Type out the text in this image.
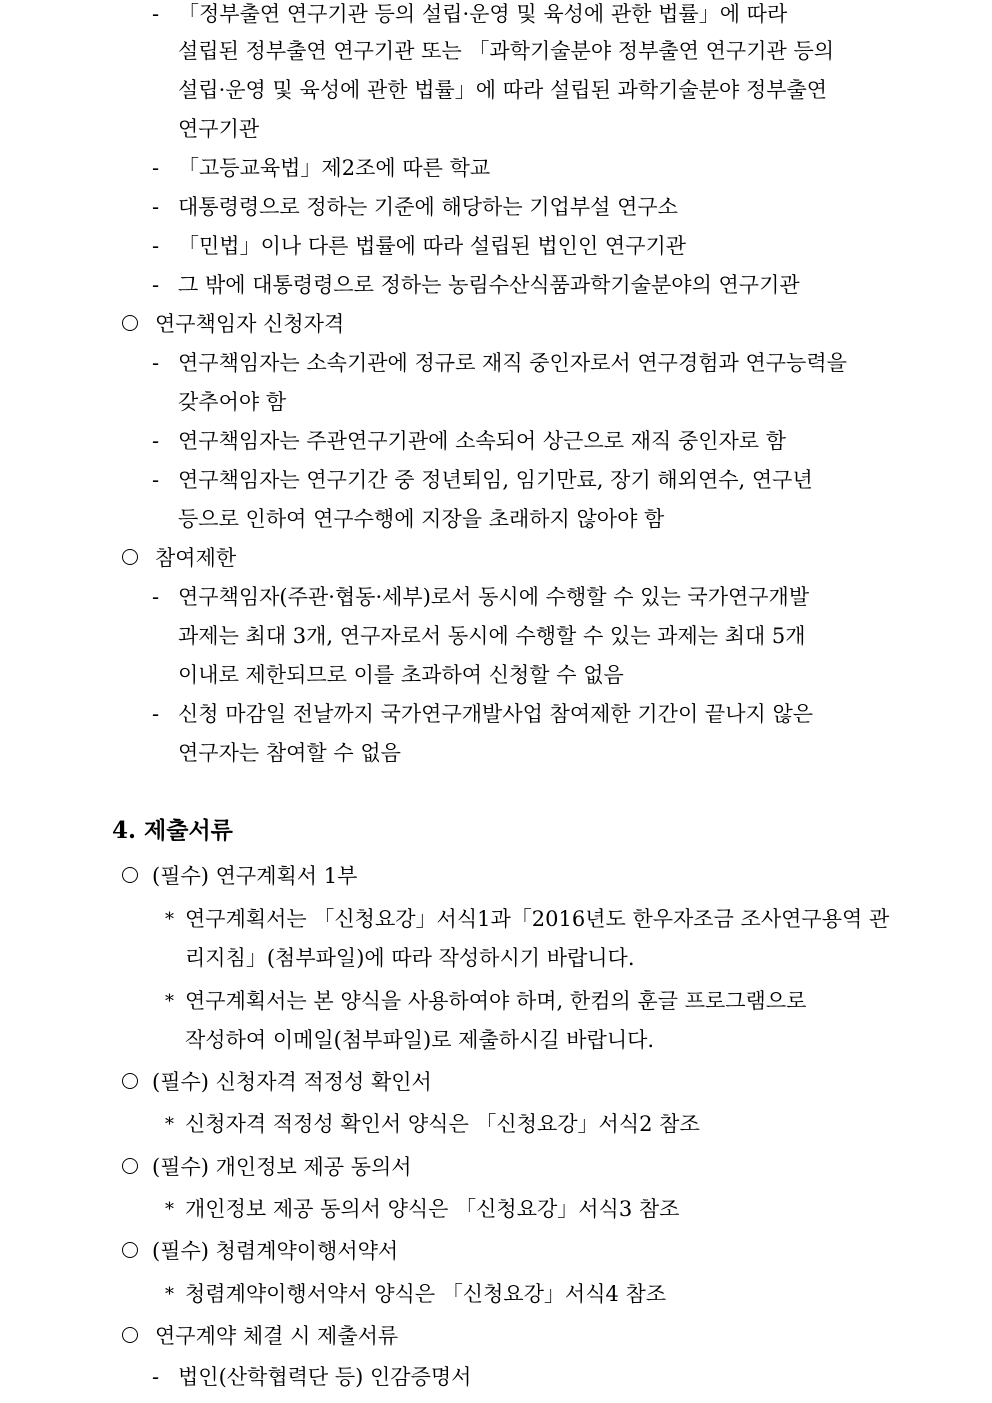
- 「정부출연 연구기관 등의 설립·운영 및 육성에 관한 법률」에 따라
설립된 정부출연 연구기관 또는 「과학기술분야 정부출연 연구기관 등의
설립·운영 및 육성에 관한 법률」에 따라 설립된 과학기술분야 정부출연
연구기관
- 「고등교육법」제2조에 따른 학교
- 대통령령으로 정하는 기준에 해당하는 기업부설 연구소
- 「민법」이나 다른 법률에 따라 설립된 법인인 연구기관
- 그 밖에 대통령령으로 정하는 농림수산식품과학기술분야의 연구기관
연구책임자 신청자격
- 연구책임자는 소속기관에 정규로 재직 중인자로서 연구경험과 연구능력을
갖추어야 함
- 연구책임자는 주관연구기관에 소속되어 상근으로 재직 중인자로 함
- 연구책임자는 연구기간 중 정년퇴임, 임기만료, 장기 해외연수, 연구년
등으로 인하여 연구수행에 지장을 초래하지 않아야 함
참여제한
- 연구책임자(주관·협동·세부)로서 동시에 수행할 수 있는 국가연구개발
과제는 최대 3개, 연구자로서 동시에 수행할 수 있는 과제는 최대 5개
이내로 제한되므로 이를 초과하여 신청할 수 없음
- 신청 마감일 전날까지 국가연구개발사업 참여제한 기간이 끝나지 않은
연구자는 참여할 수 없음
4. 제출서류
(필수) 연구계획서 1부
* 연구계획서는 「신청요강」서식1과「2016년도 한우자조금 조사연구용역 관
리지침」(첨부파일)에 따라 작성하시기 바랍니다.
* 연구계획서는 본 양식을 사용하여야 하며, 한컴의 훈글 프로그램으로
작성하여 이메일(첨부파일)로 제출하시길 바랍니다.
(필수) 신청자격 적정성 확인서
* 신청자격 적정성 확인서 양식은 「신청요강」서식2 참조
(필수) 개인정보 제공 동의서
* 개인정보 제공 동의서 양식은 「신청요강」서식3 참조
(필수) 청렴계약이행서약서
* 청렴계약이행서약서 양식은 「신청요강」서식4 참조
연구계약 체결 시 제출서류
- 법인(산학협력단 등) 인감증명서
